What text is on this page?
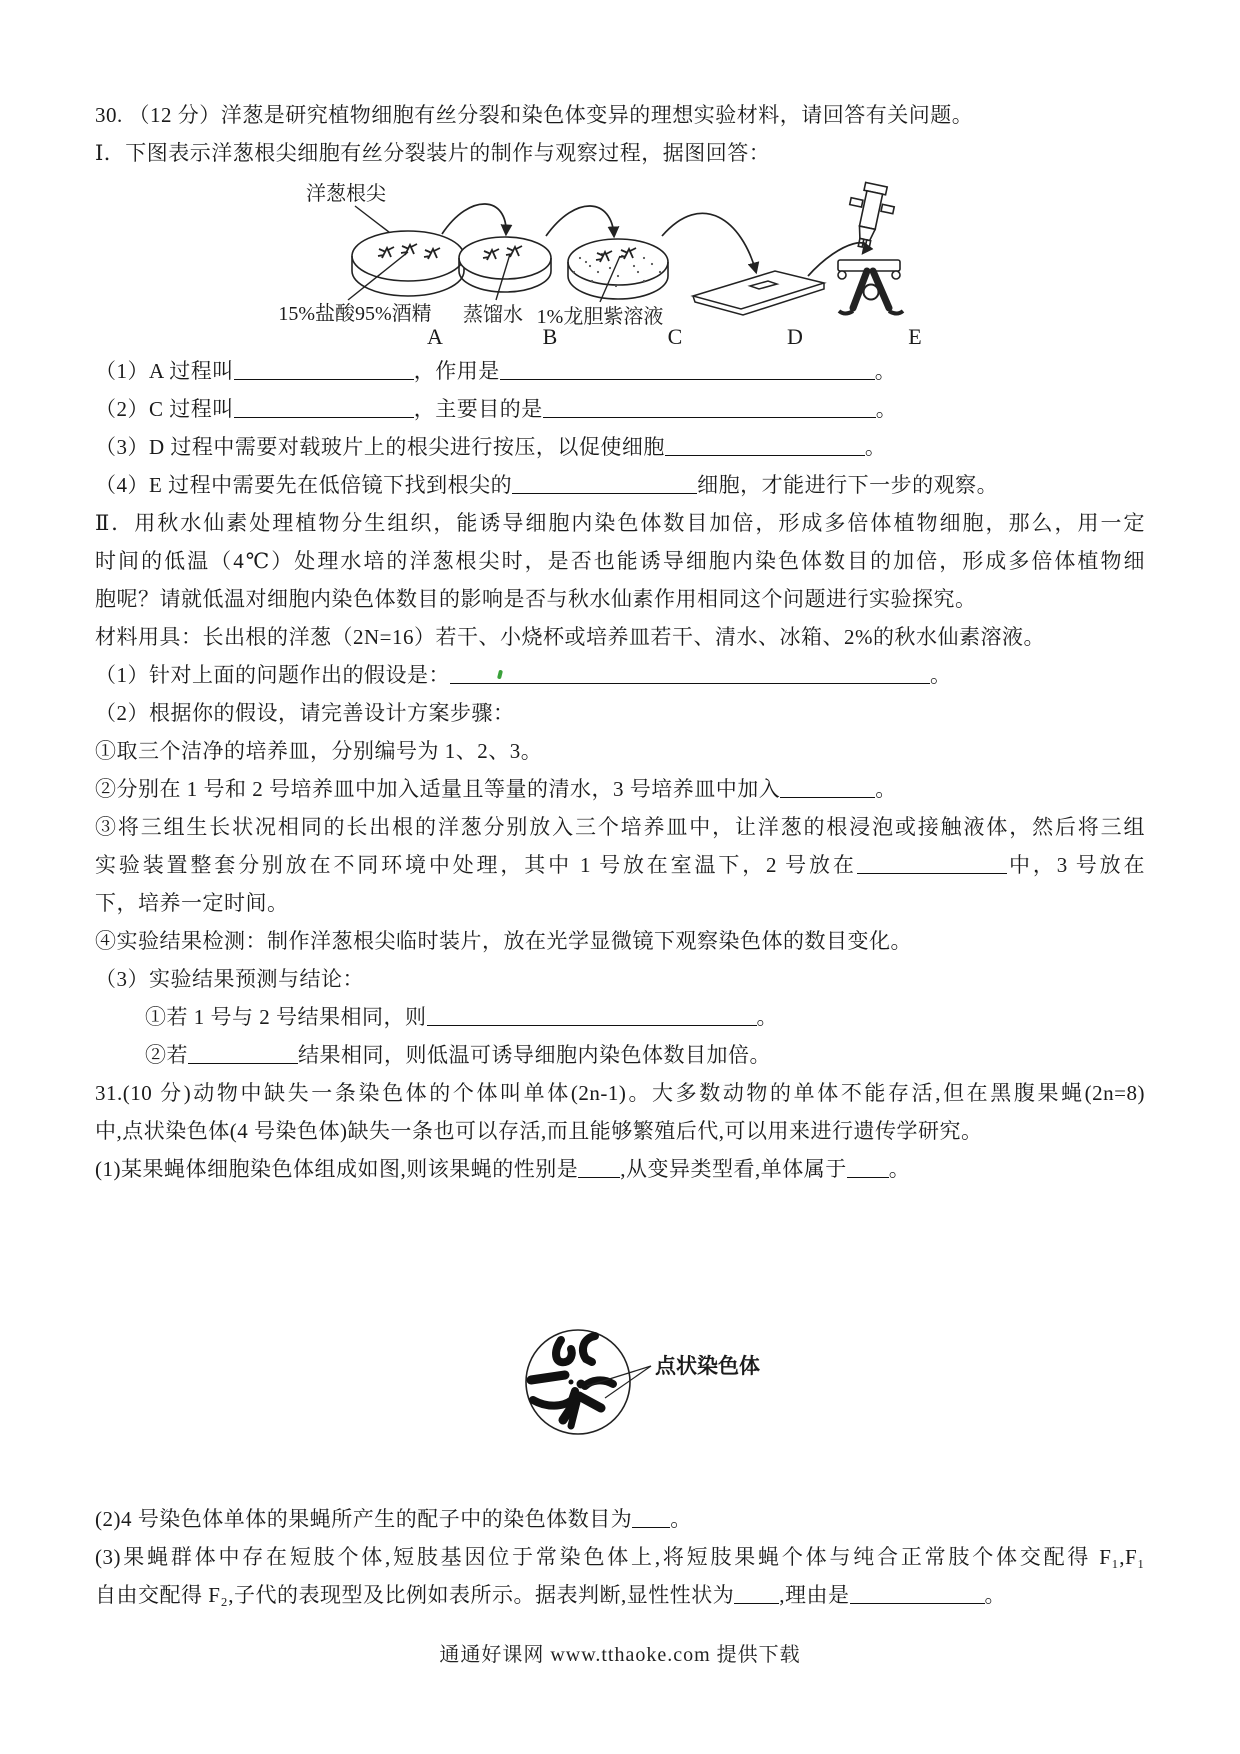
30. （12 分）洋葱是研究植物细胞有丝分裂和染色体变异的理想实验材料，请回答有关问题。
Ⅰ．下图表示洋葱根尖细胞有丝分裂装片的制作与观察过程，据图回答：
洋葱根尖
15%盐酸95%酒精 蒸馏水 1%龙胆紫溶液
A	B	C	D	E
（1）A 过程叫	，作用是	。
（2）C 过程叫	，主要目的是	。
（3）D 过程中需要对载玻片上的根尖进行按压，以促使细胞	。
（4）E 过程中需要先在低倍镜下找到根尖的	细胞，才能进行下一步的观察。
Ⅱ．用秋水仙素处理植物分生组织，能诱导细胞内染色体数目加倍，形成多倍体植物细胞，那么，用一定
时间的低温（4℃）处理水培的洋葱根尖时，是否也能诱导细胞内染色体数目的加倍，形成多倍体植物细
胞呢？请就低温对细胞内染色体数目的影响是否与秋水仙素作用相同这个问题进行实验探究。
材料用具：长出根的洋葱（2N=16）若干、小烧杯或培养皿若干、清水、冰箱、2%的秋水仙素溶液。
（1）针对上面的问题作出的假设是：	。
（2）根据你的假设，请完善设计方案步骤：
①取三个洁净的培养皿，分别编号为 1、2、3。
②分别在 1 号和 2 号培养皿中加入适量且等量的清水，3 号培养皿中加入	。
③将三组生长状况相同的长出根的洋葱分别放入三个培养皿中，让洋葱的根浸泡或接触液体，然后将三组
实验装置整套分别放在不同环境中处理，其中 1 号放在室温下，2 号放在	中，3 号放在
下，培养一定时间。
④实验结果检测：制作洋葱根尖临时装片，放在光学显微镜下观察染色体的数目变化。
（3）实验结果预测与结论：
①若 1 号与 2 号结果相同，则	。
②若	结果相同，则低温可诱导细胞内染色体数目加倍。
31.(10 分)动物中缺失一条染色体的个体叫单体(2n-1)。大多数动物的单体不能存活,但在黑腹果蝇(2n=8)
中,点状染色体(4 号染色体)缺失一条也可以存活,而且能够繁殖后代,可以用来进行遗传学研究。
(1)某果蝇体细胞染色体组成如图,则该果蝇的性别是 ,从变异类型看,单体属于 。
点状染色体
(2)4 号染色体单体的果蝇所产生的配子中的染色体数目为 。
(3)果蝇群体中存在短肢个体,短肢基因位于常染色体上,将短肢果蝇个体与纯合正常肢个体交配得 F₁,F₁
自由交配得 F₂,子代的表现型及比例如表所示。据表判断,显性性状为 ,理由是	。
通通好课网 www.tthaoke.com 提供下载
